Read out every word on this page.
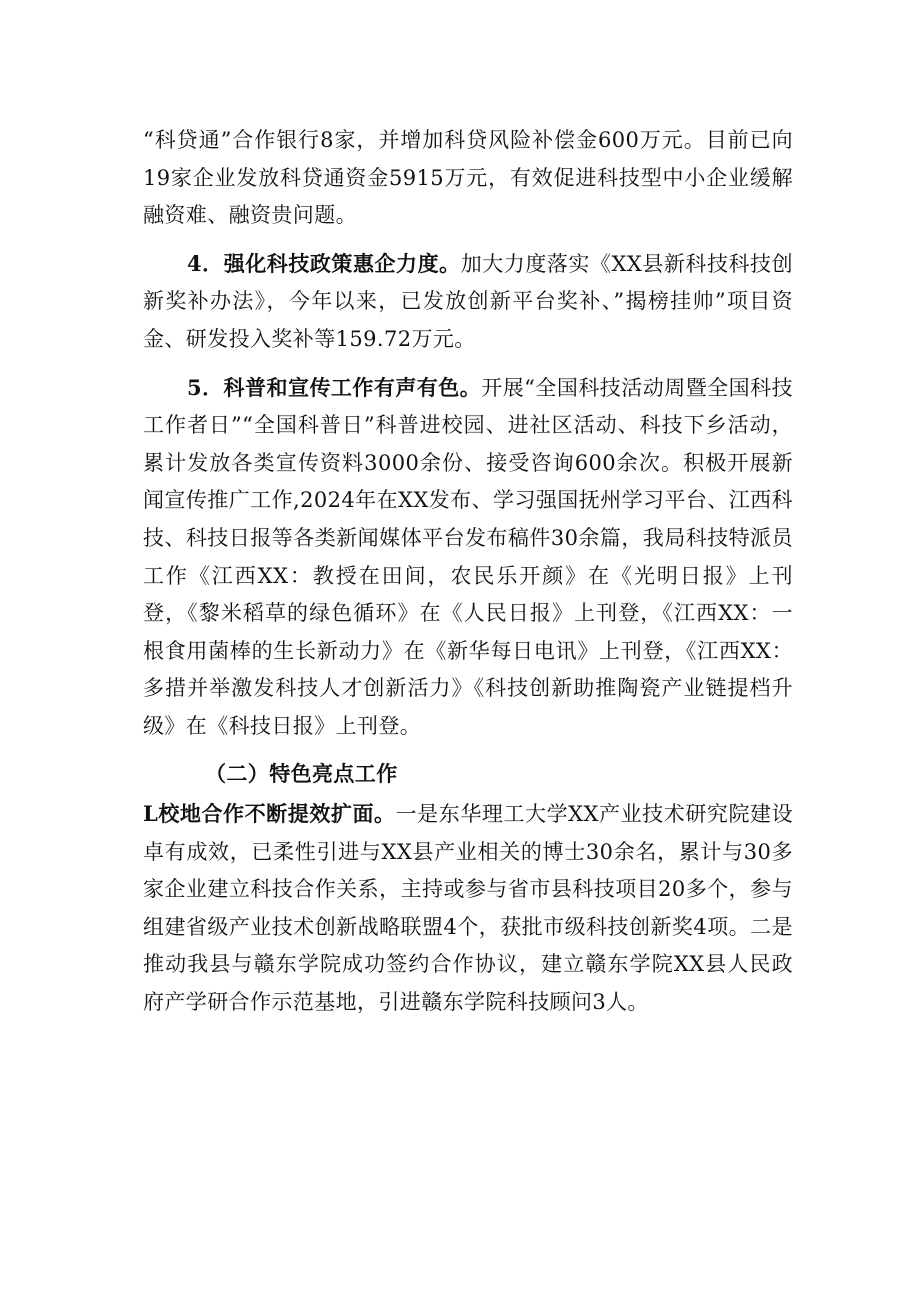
“科贷通”合作银行8家，并增加科贷风险补偿金600万元。目前已向19家企业发放科贷通资金5915万元，有效促进科技型中小企业缓解融资难、融资贵问题。

4．强化科技政策惠企力度。加大力度落实《XX县新科技科技创新奖补办法》，今年以来，已发放创新平台奖补、”揭榜挂帅”项目资金、研发投入奖补等159.72万元。

5．科普和宣传工作有声有色。开展“全国科技活动周暨全国科技工作者日”“全国科普日”科普进校园、进社区活动、科技下乡活动，累计发放各类宣传资料3000余份、接受咨询600余次。积极开展新闻宣传推广工作,2024年在XX发布、学习强国抚州学习平台、江西科技、科技日报等各类新闻媒体平台发布稿件30余篇，我局科技特派员工作《江西XX：教授在田间，农民乐开颜》在《光明日报》上刊登，《黎米稻草的绿色循环》在《人民日报》上刊登，《江西XX：一根食用菌棒的生长新动力》在《新华每日电讯》上刊登，《江西XX：多措并举激发科技人才创新活力》《科技创新助推陶瓷产业链提档升级》在《科技日报》上刊登。

（二）特色亮点工作

L校地合作不断提效扩面。一是东华理工大学XX产业技术研究院建设卓有成效，已柔性引进与XX县产业相关的博士30余名，累计与30多家企业建立科技合作关系，主持或参与省市县科技项目20多个，参与组建省级产业技术创新战略联盟4个，获批市级科技创新奖4项。二是推动我县与赣东学院成功签约合作协议，建立赣东学院XX县人民政府产学研合作示范基地，引进赣东学院科技顾问3人。
